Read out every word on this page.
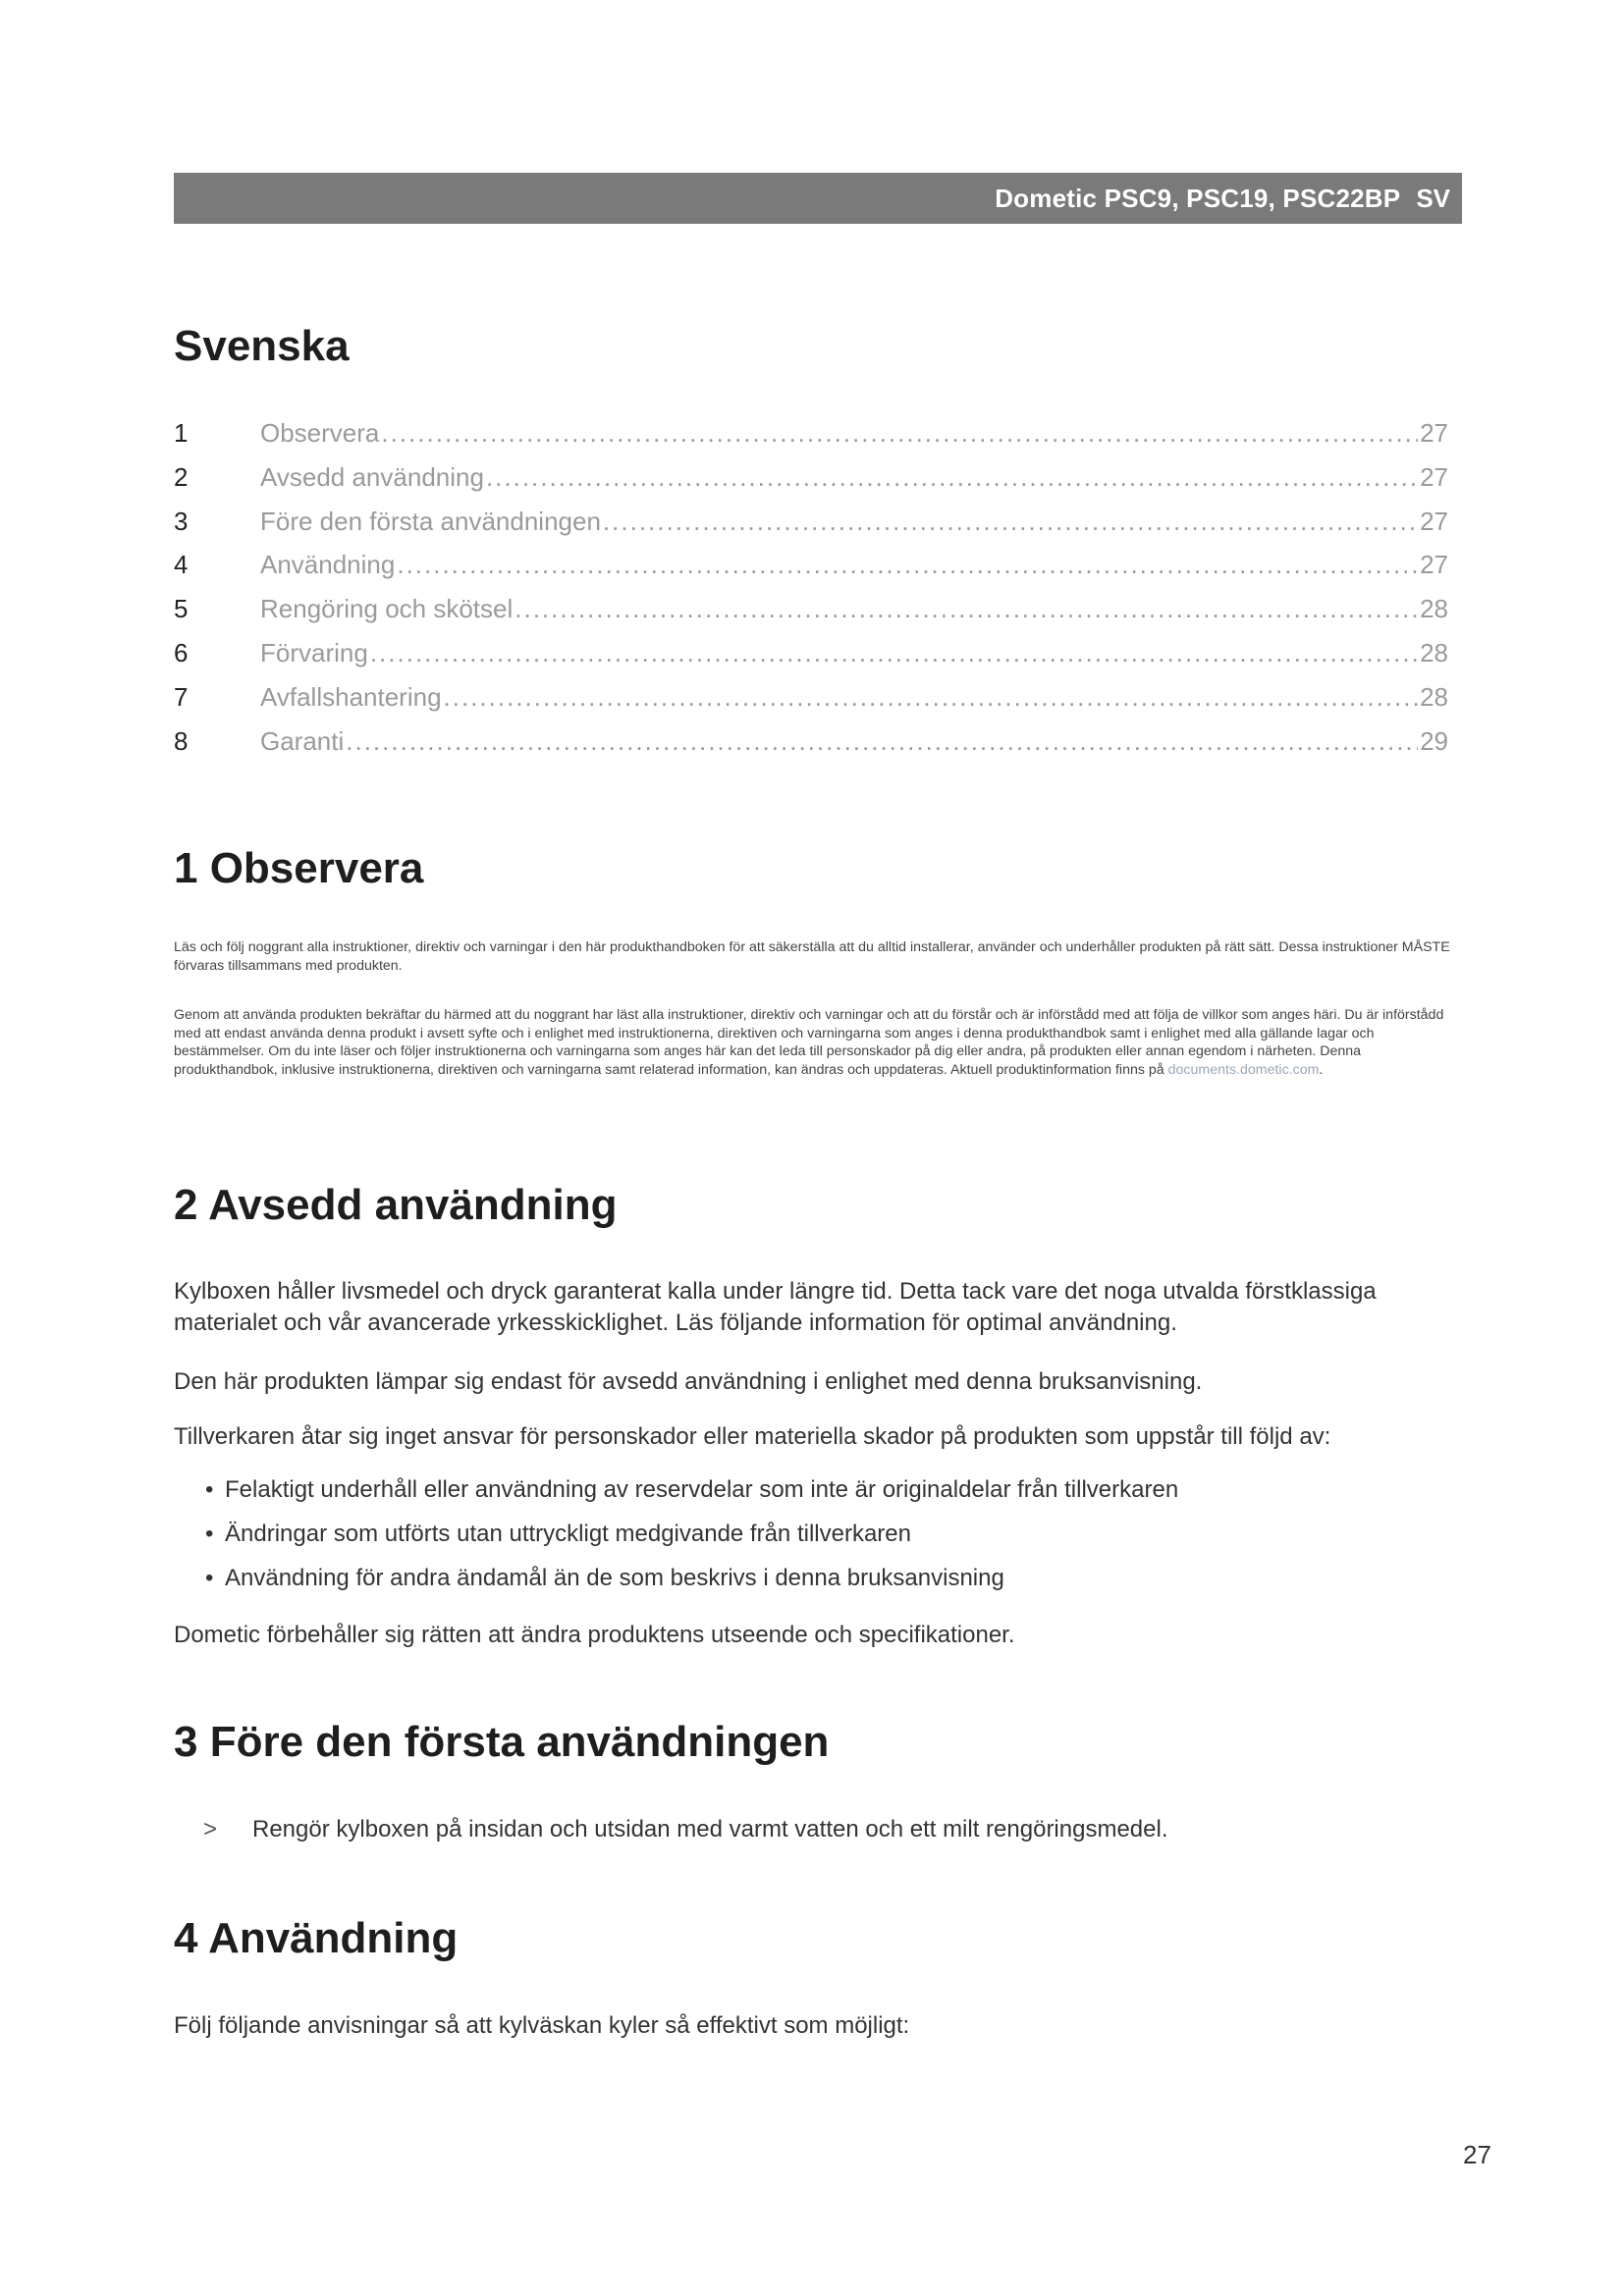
Dometic PSC9, PSC19, PSC22BP SV
Svenska
1	Observera .....	27
2	Avsedd användning .....	27
3	Före den första användningen .....	27
4	Användning .....	27
5	Rengöring och skötsel .....	28
6	Förvaring .....	28
7	Avfallshantering .....	28
8	Garanti .....	29
1 Observera

Läs och följ noggrant alla instruktioner, direktiv och varningar i den här produkthandboken för att säkerställa att du alltid installerar, använder och underhåller produkten på rätt sätt. Dessa instruktioner MÅSTE förvaras tillsammans med produkten.

Genom att använda produkten bekräftar du härmed att du noggrant har läst alla instruktioner, direktiv och varningar och att du förstår och är införstådd med att följa de villkor som anges häri. Du är införstådd med att endast använda denna produkt i avsett syfte och i enlighet med instruktionerna, direktiven och varningarna som anges i denna produkthandbok samt i enlighet med alla gällande lagar och bestämmelser. Om du inte läser och följer instruktionerna och varningarna som anges här kan det leda till personskador på dig eller andra, på produkten eller annan egendom i närheten. Denna produkthandbok, inklusive instruktionerna, direktiven och varningarna samt relaterad information, kan ändras och uppdateras. Aktuell produktinformation finns på documents.dometic.com.

2 Avsedd användning

Kylboxen håller livsmedel och dryck garanterat kalla under längre tid. Detta tack vare det noga utvalda förstklassiga materialet och vår avancerade yrkesskicklighet. Läs följande information för optimal användning.

Den här produkten lämpar sig endast för avsedd användning i enlighet med denna bruksanvisning.

Tillverkaren åtar sig inget ansvar för personskador eller materiella skador på produkten som uppstår till följd av:

• Felaktigt underhåll eller användning av reservdelar som inte är originaldelar från tillverkaren
• Ändringar som utförts utan uttryckligt medgivande från tillverkaren
• Användning för andra ändamål än de som beskrivs i denna bruksanvisning

Dometic förbehåller sig rätten att ändra produktens utseende och specifikationer.

3 Före den första användningen
>	Rengör kylboxen på insidan och utsidan med varmt vatten och ett milt rengöringsmedel.
4 Användning

Följ följande anvisningar så att kylväskan kyler så effektivt som möjligt:

27
